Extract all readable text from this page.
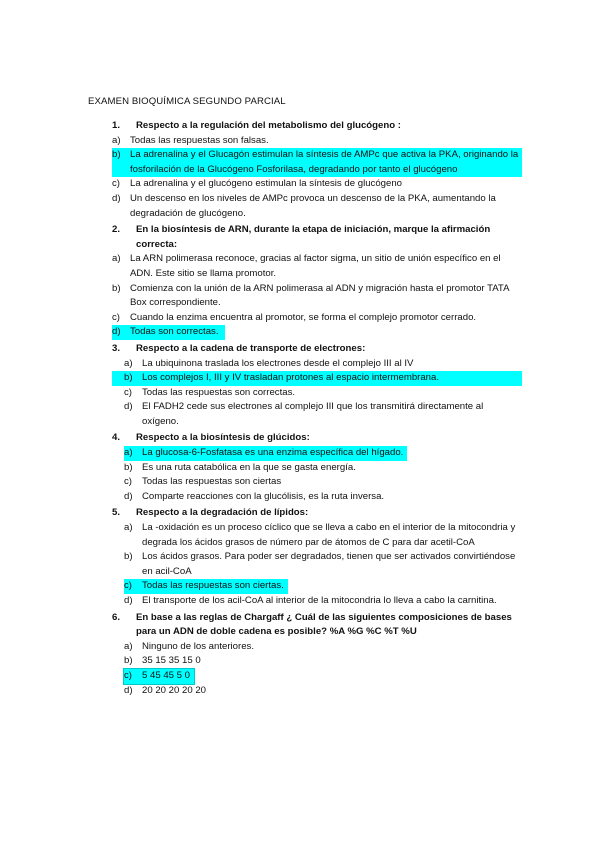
EXAMEN BIOQUÍMICA SEGUNDO PARCIAL
1.	Respecto a la regulación del metabolismo del glucógeno :
a) Todas las respuestas son falsas.
b) La adrenalina y el Glucagón estimulan la síntesis de AMPc que activa la PKA, originando la fosforilación de la Glucógeno Fosforilasa, degradando por tanto el glucógeno
c)	La adrenalina y el glucógeno estimulan la síntesis de glucógeno
d) Un descenso en los niveles de AMPc provoca un descenso de la PKA, aumentando la degradación de glucógeno.
2.	En la biosíntesis de ARN, durante la etapa de iniciación, marque la afirmación correcta:
a) La ARN polimerasa reconoce, gracias al factor sigma, un sitio de unión específico en el ADN. Este sitio se llama promotor.
b) Comienza con la unión de la ARN polimerasa al ADN y migración hasta el promotor TATA Box correspondiente.
c)	Cuando la enzima encuentra al promotor, se forma el complejo promotor cerrado.
d) Todas son correctas.
3.	Respecto a la cadena de transporte de electrones:
a) La ubiquinona traslada los electrones desde el complejo III al IV
b) Los complejos I, III y IV trasladan protones al espacio intermembrana.
c)	Todas las respuestas son correctas.
d) El FADH2 cede sus electrones al complejo III que los transmitirá directamente al oxígeno.
4.	Respecto a la biosíntesis de glúcidos:
a) La glucosa-6-Fosfatasa es una enzima específica del hígado.
b) Es una ruta catabólica en la que se gasta energía.
c)	Todas las respuestas son ciertas
d) Comparte reacciones con la glucólisis, es la ruta inversa.
5.	Respecto a la degradación de lípidos:
a) La -oxidación es un proceso cíclico que se lleva a cabo en el interior de la mitocondria y degrada los ácidos grasos de número par de átomos de C para dar acetil-CoA
b) Los ácidos grasos. Para poder ser degradados, tienen que ser activados convirtiéndose en acil-CoA
c)	Todas las respuestas son ciertas.
d) El transporte de los acil-CoA al interior de la mitocondria lo lleva a cabo la carnitina.
6.	En base a las reglas de Chargaff ¿ Cuál de las siguientes composiciones de bases para un ADN de doble cadena es posible? %A %G %C %T %U
a) Ninguno de los anteriores.
b) 35 15 35 15 0
c)	5 45 45 5 0
d) 20 20 20 20 20
